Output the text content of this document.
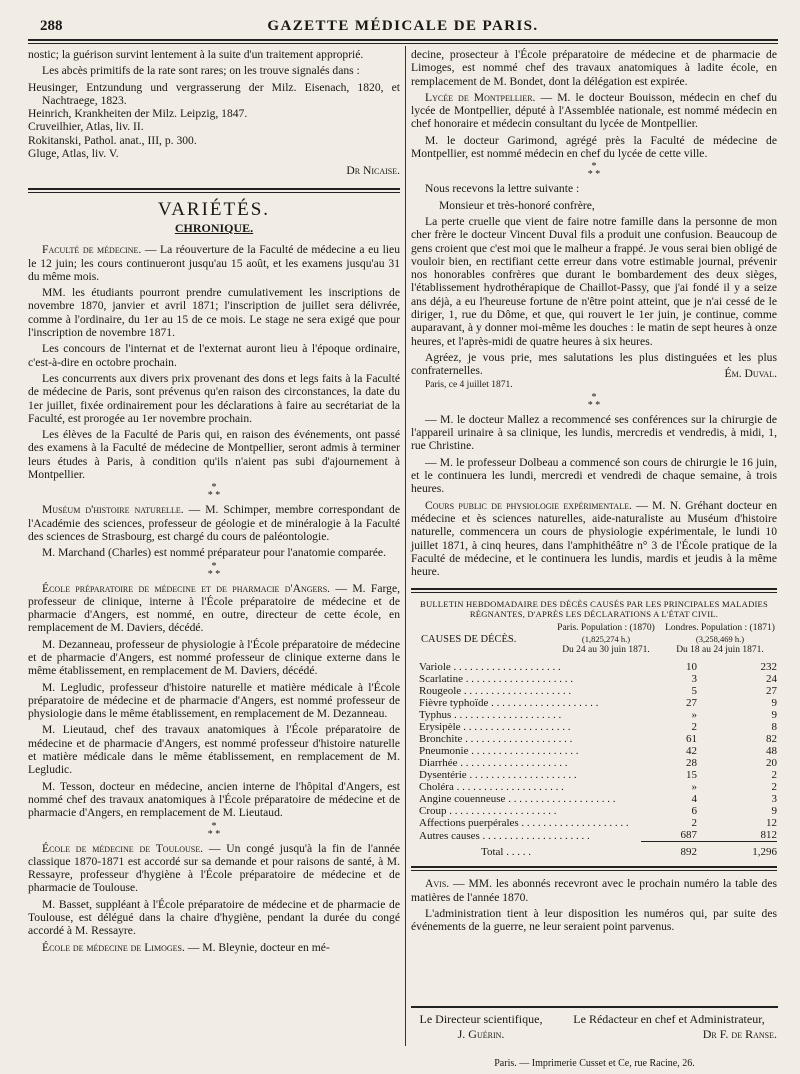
288	GAZETTE MÉDICALE DE PARIS.

nostic; la guérison survint lentement à la suite d'un traitement approprié.

Les abcès primitifs de la rate sont rares; on les trouve signalés dans :

Heusinger, Entzundung und vergrasserung der Milz. Eisenach, 1820, et Nachtraege, 1823.

Heinrich, Krankheiten der Milz. Leipzig, 1847.

Cruveilhier, Atlas, liv. II.

Rokitanski, Pathol. anat., III, p. 300.

Gluge, Atlas, liv. V.

Dr Nicaise.
VARIÉTÉS.
CHRONIQUE.

Faculté de médecine. — La réouverture de la Faculté de médecine a eu lieu le 12 juin; les cours continueront jusqu'au 15 août, et les examens jusqu'au 31 du même mois.

MM. les étudiants pourront prendre cumulativement les inscriptions de novembre 1870, janvier et avril 1871; l'inscription de juillet sera délivrée, comme à l'ordinaire, du 1er au 15 de ce mois. Le stage ne sera exigé que pour l'inscription de novembre 1871.

Les concours de l'internat et de l'externat auront lieu à l'époque ordinaire, c'est-à-dire en octobre prochain.

Les concurrents aux divers prix provenant des dons et legs faits à la Faculté de médecine de Paris, sont prévenus qu'en raison des circonstances, la date du 1er juillet, fixée ordinairement pour les déclarations à faire au secrétariat de la Faculté, est prorogée au 1er novembre prochain.

Les élèves de la Faculté de Paris qui, en raison des événements, ont passé des examens à la Faculté de médecine de Montpellier, seront admis à terminer leurs études à Paris, à condition qu'ils n'aient pas subi d'ajournement à Montpellier.

*
* *

Muséum d'histoire naturelle. — M. Schimper, membre correspondant de l'Académie des sciences, professeur de géologie et de minéralogie à la Faculté des sciences de Strasbourg, est chargé du cours de paléontologie.

M. Marchand (Charles) est nommé préparateur pour l'anatomie comparée.

*
* *

École préparatoire de médecine et de pharmacie d'Angers. — M. Farge, professeur de clinique, interne à l'École préparatoire de médecine et de pharmacie d'Angers, est nommé, en outre, directeur de cette école, en remplacement de M. Daviers, décédé.

M. Dezanneau, professeur de physiologie à l'École préparatoire de médecine et de pharmacie d'Angers, est nommé professeur de clinique externe dans le même établissement, en remplacement de M. Daviers, décédé.

M. Legludic, professeur d'histoire naturelle et matière médicale à l'École préparatoire de médecine et de pharmacie d'Angers, est nommé professeur de physiologie dans le même établissement, en remplacement de M. Dezanneau.

M. Lieutaud, chef des travaux anatomiques à l'École préparatoire de médecine et de pharmacie d'Angers, est nommé professeur d'histoire naturelle et matière médicale dans le même établissement, en remplacement de M. Legludic.

M. Tesson, docteur en médecine, ancien interne de l'hôpital d'Angers, est nommé chef des travaux anatomiques à l'École préparatoire de médecine et de pharmacie d'Angers, en remplacement de M. Lieutaud.

*
* *

École de médecine de Toulouse. — Un congé jusqu'à la fin de l'année classique 1870-1871 est accordé sur sa demande et pour raisons de santé, à M. Ressayre, professeur d'hygiène à l'École préparatoire de médecine et de pharmacie de Toulouse.

M. Basset, suppléant à l'École préparatoire de médecine et de pharmacie de Toulouse, est délégué dans la chaire d'hygiène, pendant la durée du congé accordé à M. Ressayre.

École de médecine de Limoges. — M. Bleynie, docteur en mé-

decine, prosecteur à l'École préparatoire de médecine et de pharmacie de Limoges, est nommé chef des travaux anatomiques à ladite école, en remplacement de M. Bondet, dont la délégation est expirée.

Lycée de Montpellier. — M. le docteur Bouisson, médecin en chef du lycée de Montpellier, député à l'Assemblée nationale, est nommé médecin en chef honoraire et médecin consultant du lycée de Montpellier.

M. le docteur Garimond, agrégé près la Faculté de médecine de Montpellier, est nommé médecin en chef du lycée de cette ville.

*
* *

Nous recevons la lettre suivante :

Monsieur et très-honoré confrère,

La perte cruelle que vient de faire notre famille dans la personne de mon cher frère le docteur Vincent Duval fils a produit une confusion. Beaucoup de gens croient que c'est moi que le malheur a frappé. Je vous serai bien obligé de vouloir bien, en rectifiant cette erreur dans votre estimable journal, prévenir nos honorables confrères que durant le bombardement des deux sièges, l'établissement hydrothérapique de Chaillot-Passy, que j'ai fondé il y a seize ans déjà, a eu l'heureuse fortune de n'être point atteint, que je n'ai cessé de le diriger, 1, rue du Dôme, et que, qui rouvert le 1er juin, je continue, comme auparavant, à y donner moi-même les douches : le matin de sept heures à onze heures, et l'après-midi de quatre heures à six heures.

Agréez, je vous prie, mes salutations les plus distinguées et les plus confraternelles.	Ém. Duval.

Paris, ce 4 juillet 1871.

*
* *

— M. le docteur Mallez a recommencé ses conférences sur la chirurgie de l'appareil urinaire à sa clinique, les lundis, mercredis et vendredis, à midi, 1, rue Christine.

— M. le professeur Dolbeau a commencé son cours de chirurgie le 16 juin, et le continuera les lundi, mercredi et vendredi de chaque semaine, à trois heures.

Cours public de physiologie expérimentale. — M. N. Gréhant docteur en médecine et ès sciences naturelles, aide-naturaliste au Muséum d'histoire naturelle, commencera un cours de physiologie expérimentale, le lundi 10 juillet 1871, à cinq heures, dans l'amphithéâtre n° 3 de l'École pratique de la Faculté de médecine, et le continuera les lundis, mardis et jeudis à la même heure.

BULLETIN HEBDOMADAIRE DES DÉCÈS CAUSÉS PAR LES PRINCIPALES MALADIES
RÉGNANTES, D'APRÈS LES DÉCLARATIONS A L'ÉTAT CIVIL.
CAUSES DE DÉCÈS.
Paris. Population : (1870)
(1,825,274 h.)
Du 24 au 30 juin 1871.
Londres. Population : (1871)
(3,258,469 h.)
Du 18 au 24 juin 1871.
Variole . . . . . . . . . . . . . . . . . . . .	10	232
Scarlatine . . . . . . . . . . . . . . . . . . . .	3	24
Rougeole . . . . . . . . . . . . . . . . . . . .	5	27
Fièvre typhoïde . . . . . . . . . . . . . . . . . . . .	27	9
Typhus . . . . . . . . . . . . . . . . . . . .	»	9
Erysipèle . . . . . . . . . . . . . . . . . . . .	2	8
Bronchite . . . . . . . . . . . . . . . . . . . .	61	82
Pneumonie . . . . . . . . . . . . . . . . . . . .	42	48
Diarrhée . . . . . . . . . . . . . . . . . . . .	28	20
Dysentérie . . . . . . . . . . . . . . . . . . . .	15	2
Choléra . . . . . . . . . . . . . . . . . . . .	»	2
Angine couenneuse . . . . . . . . . . . . . . . . . . . .	4	3
Croup . . . . . . . . . . . . . . . . . . . .	6	9
Affections puerpérales . . . . . . . . . . . . . . . . . . . .	2	12
Autres causes . . . . . . . . . . . . . . . . . . . .	687	812
Total . . . . .	892	1,296

Avis. — MM. les abonnés recevront avec le prochain numéro la table des matières de l'année 1870.

L'administration tient à leur disposition les numéros qui, par suite des événements de la guerre, ne leur seraient point parvenus.

Le Directeur scientifique,
J. Guérin.
Le Rédacteur en chef et Administrateur,
Dr F. de Ranse.
Paris. — Imprimerie Cusset et Ce, rue Racine, 26.
